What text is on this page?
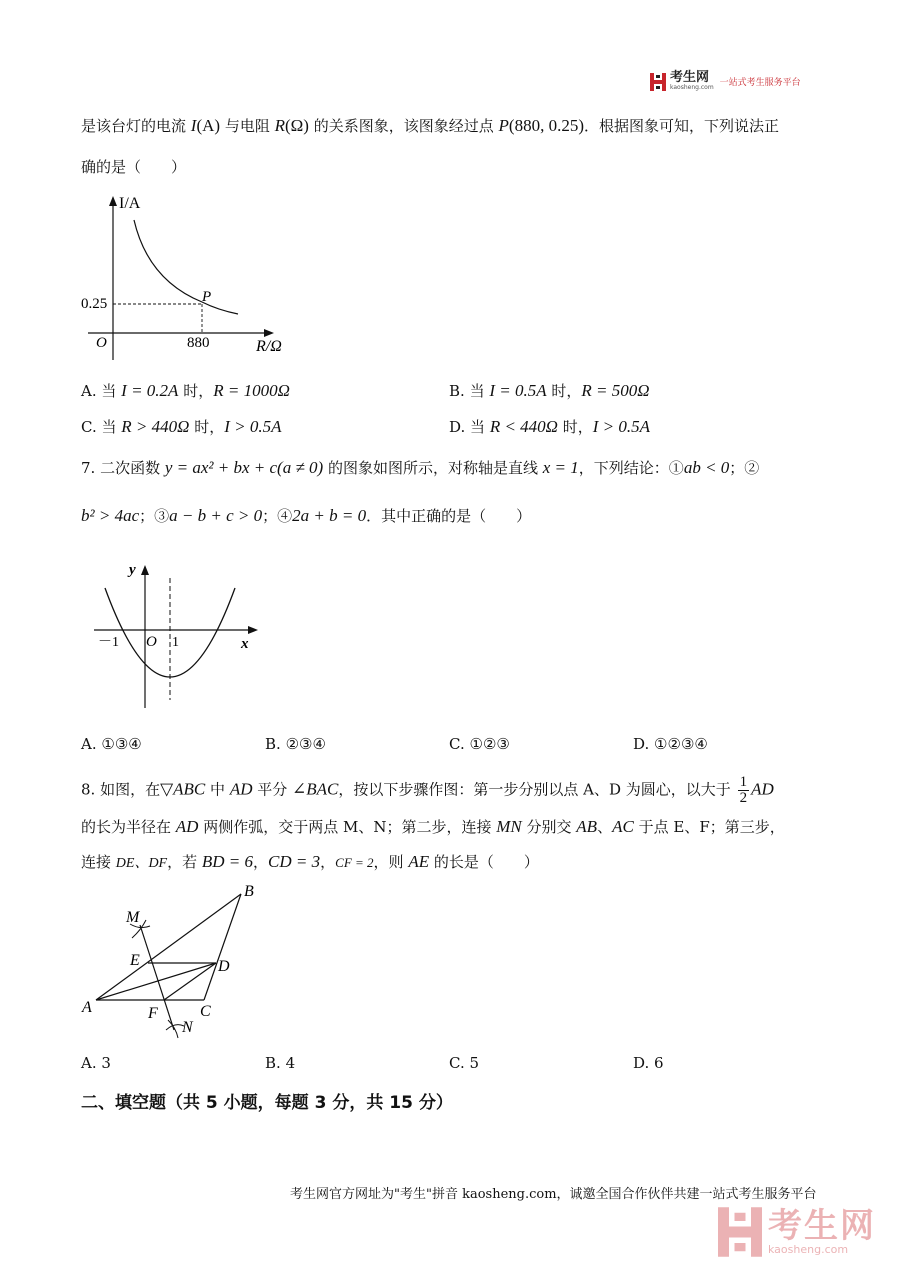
考生网
kaosheng.com 一站式考生服务平台
是该台灯的电流 I(A) 与电阻 R(Ω) 的关系图象，该图象经过点 P(880, 0.25)．根据图象可知，下列说法正
确的是（　　）
I/A
R/Ω
O
0.25
880
P
A. 当 I = 0.2A 时，R = 1000Ω	B. 当 I = 0.5A 时，R = 500Ω
C. 当 R > 440Ω 时，I > 0.5A	D. 当 R < 440Ω 时，I > 0.5A
7. 二次函数 y = ax² + bx + c(a ≠ 0) 的图象如图所示，对称轴是直线 x = 1，下列结论：①ab < 0；②
b² > 4ac；③a − b + c > 0；④2a + b = 0．其中正确的是（　　）
y
x
O
－1	1
A. ①③④	B. ②③④	C. ①②③	D. ①②③④
8. 如图，在▽ABC 中 AD 平分 ∠BAC，按以下步骤作图：第一步分别以点 A、D 为圆心，以大于 $\frac{1}{2}$ AD
的长为半径在 AD 两侧作弧，交于两点 M、N；第二步，连接 MN 分别交 AB、AC 于点 E、F；第三步，
连接 DE、DF，若 BD = 6，CD = 3，CF = 2，则 AE 的长是（　　）
A
B
C
D
E
F
M
N
A. 3	B. 4	C. 5	D. 6
二、填空题（共 5 小题，每题 3 分，共 15 分）
考生网官方网址为"考生"拼音 kaosheng.com，诚邀全国合作伙伴共建一站式考生服务平台
考生网
kaosheng.com
